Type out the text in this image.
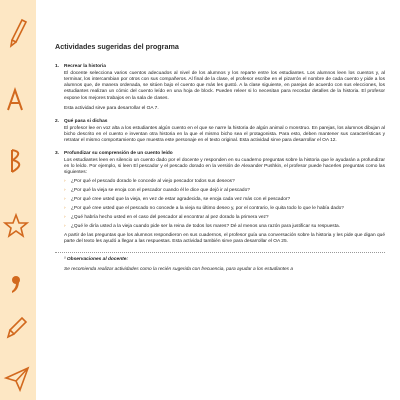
Actividades sugeridas del programa
1.	Recrear la historia
El docente selecciona varios cuentos adecuados al nivel de los alumnos y los reparte entre los estudiantes. Los alumnos leen los cuentos y, al terminar, los intercambian por otros con sus compañeros. Al final de la clase, el profesor escribe en el pizarrón el nombre de cada cuento y pide a los alumnos que, de manera ordenada, se sitúen bajo el cuento que más les gustó. A la clase siguiente, en parejas de acuerdo con sus elecciones, los estudiantes realizan un cómic del cuento leído en una hoja de block. Pueden releer si lo necesitan para recordar detalles de la historia. El profesor expone los mejores trabajos en la sala de clases.
Esta actividad sirve para desarrollar el OA 7.
2.	Qué pasa si dichas
El profesor lee en voz alta a los estudiantes algún cuento en el que se narre la historia de algún animal o monstruo. En parejas, los alumnos dibujan al bicho descrito en el cuento e inventan otra historia en la que el mismo bicho sea el protagonista. Para esto, deben mantener sus características y retratar el mismo comportamiento que muestra este personaje en el texto original. Esta actividad sirve para desarrollar el OA 12.
3.	Profundizar su comprensión de un cuento leído
Los estudiantes leen en silencio un cuento dado por el docente y responden en su cuaderno preguntas sobre la historia que le ayudarán a profundizar en lo leído. Por ejemplo, si leen El pescador y el pescado dorado en la versión de Alexander Pushkin, el profesor puede hacerles preguntas como las siguientes:
›	¿Por qué el pescado dorado le concede al viejo pescador todos sus deseos?
›	¿Por qué la vieja se enoja con el pescador cuando él le dice que dejó ir al pescado?
›	¿Por qué cree usted que la vieja, en vez de estar agradecida, se enoja cada vez más con el pescador?
›	¿Por qué cree usted que el pescado no concede a la vieja su último deseo y, por el contrario, le quita todo lo que le había dado?
›	¿Qué habría hecho usted en el caso del pescador al encontrar al pez dorado la primera vez?
›	¿Qué le diría usted a la vieja cuando pide ser la reina de todos los mares? Dé al menos una razón para justificar su respuesta.
A partir de las preguntas que los alumnos respondieron en sus cuadernos, el profesor guía una conversación sobre la historia y les pide que digan qué parte del texto les ayudó a llegar a las respuestas. Esta actividad también sirve para desarrollar el OA 25.
¹ Observaciones al docente:
Se recomienda realizar actividades como la recién sugerida con frecuencia, para ayudar a los estudiantes a
